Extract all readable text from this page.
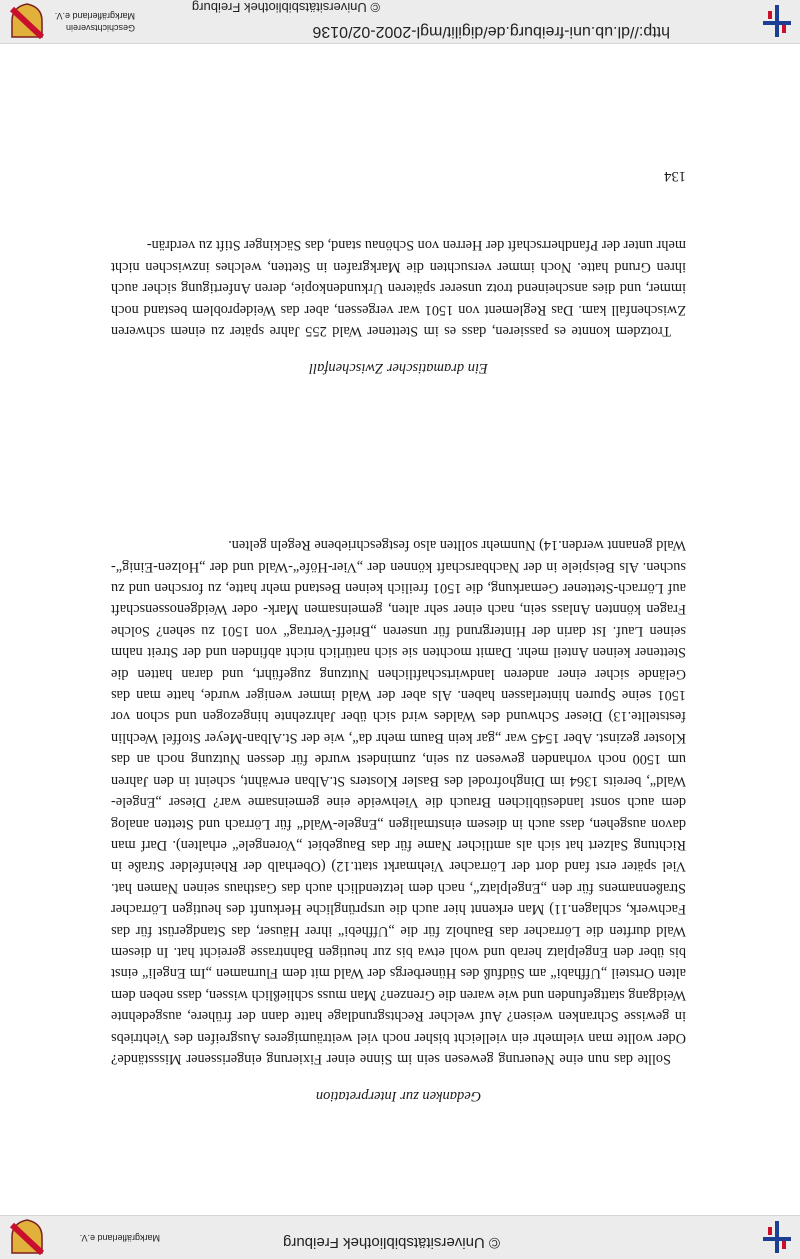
© Universitätsbibliothek Freiburg
Markgräflerland e.V.
Gedanken zur Interpretation

Sollte das nun eine Neuerung gewesen sein im Sinne einer Fixierung eingerissener Missstände? Oder wollte man vielmehr ein vielleicht bisher noch viel weiträumigeres Ausgreifen des Viehtriebs in gewisse Schranken weisen? Auf welcher Rechtsgrundlage hatte dann der frühere, ausgedehnte Weidgang stattgefunden und wie waren die Grenzen? Man muss schließlich wissen, dass neben dem alten Ortsteil „Uffhabi“ am Südfuß des Hünerbergs der Wald mit dem Flurnamen „Im Engeli“ einst bis über den Engelplatz herab und wohl etwa bis zur heutigen Bahntrasse gereicht hat. In diesem Wald durften die Lörracher das Bauholz für die „Uffhebi“ ihrer Häuser, das Standgerüst für das Fachwerk, schlagen.11) Man erkennt hier auch die ursprüngliche Herkunft des heutigen Lörracher Straßennamens für den „Engelplatz“, nach dem letztendlich auch das Gasthaus seinen Namen hat. Viel später erst fand dort der Lörracher Viehmarkt statt.12) (Oberhalb der Rheinfelder Straße in Richtung Salzert hat sich als amtlicher Name für das Baugebiet „Vorengele“ erhalten). Darf man davon ausgehen, dass auch in diesem einstmaligen „Engele-Wald“ für Lörrach und Stetten analog dem auch sonst landesüblichen Brauch die Viehweide eine gemeinsame war? Dieser „Engele-Wald“, bereits 1364 im Dinghofrodel des Basler Klosters St.Alban erwähnt, scheint in den Jahren um 1500 noch vorhanden gewesen zu sein, zumindest wurde für dessen Nutzung noch an das Kloster gezinst. Aber 1545 war „gar kein Baum mehr da“, wie der St.Alban-Meyer Stoffel Wechlin feststellte.13) Dieser Schwund des Waldes wird sich über Jahrzehnte hingezogen und schon vor 1501 seine Spuren hinterlassen haben. Als aber der Wald immer weniger wurde, hatte man das Gelände sicher einer anderen landwirtschaftlichen Nutzung zugeführt, und daran hatten die Stettener keinen Anteil mehr. Damit mochten sie sich natürlich nicht abfinden und der Streit nahm seinen Lauf. Ist darin der Hintergrund für unseren „Brieff-Vertrag“ von 1501 zu sehen? Solche Fragen könnten Anlass sein, nach einer sehr alten, gemeinsamen Mark- oder Weidgenossenschaft auf Lörrach-Stettener Gemarkung, die 1501 freilich keinen Bestand mehr hatte, zu forschen und zu suchen. Als Beispiele in der Nachbarschaft können der „Vier-Höfe“-Wald und der „Holzen-Einig“-Wald genannt werden.14) Nunmehr sollten also festgeschriebene Regeln gelten.

Ein dramatischer Zwischenfall

Trotzdem konnte es passieren, dass es im Stettener Wald 255 Jahre später zu einem schweren Zwischenfall kam. Das Reglement von 1501 war vergessen, aber das Weideproblem bestand noch immer, und dies anscheinend trotz unserer späteren Urkundenkopie, deren Anfertigung sicher auch ihren Grund hatte. Noch immer versuchten die Markgrafen in Stetten, welches inzwischen nicht mehr unter der Pfandherrschaft der Herren von Schönau stand, das Säckinger Stift zu verdrän-

134
http://dl.ub.uni-freiburg.de/digilit/mgl-2002-02/0136
© Universitätsbibliothek Freiburg
Geschichtsverein
Markgräflerland e.V.
